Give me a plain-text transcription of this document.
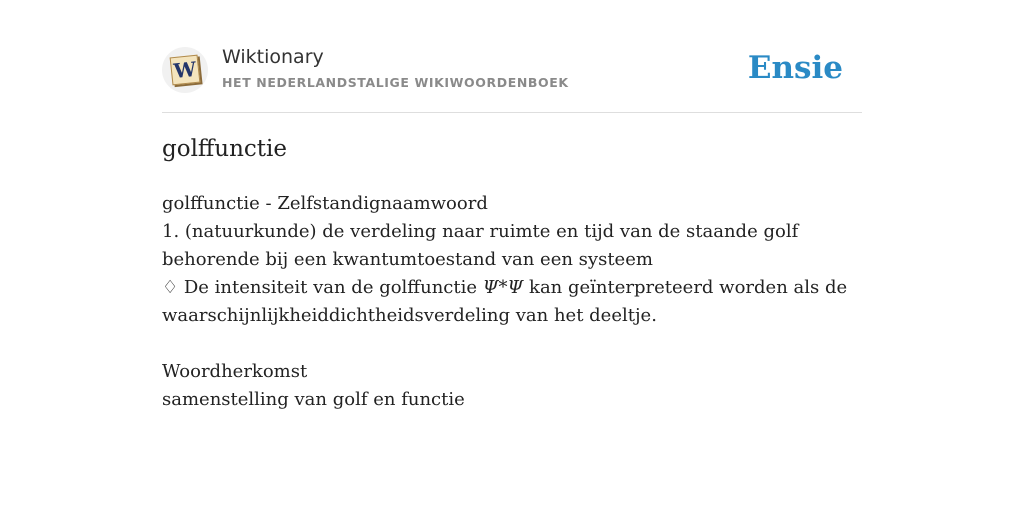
W Wiktionary
HET NEDERLANDSTALIGE WIKIWOORDENBOEK	Ensie
golffunctie

golffunctie - Zelfstandignaamwoord

1. (natuurkunde) de verdeling naar ruimte en tijd van de staande golf behorende bij een kwantumtoestand van een systeem

♢ De intensiteit van de golffunctie Ψ*Ψ kan geïnterpreteerd worden als de waarschijnlijkheiddichtheidsverdeling van het deeltje.

Woordherkomst

samenstelling van golf en functie
